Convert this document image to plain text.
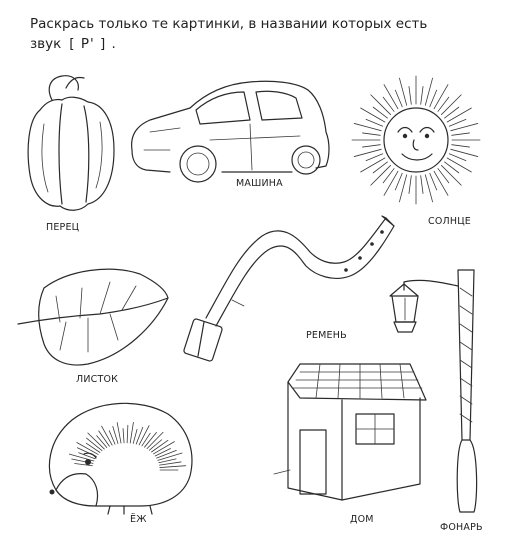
Раскрась только те картинки, в названии которых есть
звук [ Р' ] .
ПЕРЕЦ
МАШИНА
СОЛНЦЕ
ЛИСТОК
РЕМЕНЬ
ЁЖ	ДОМ
ФОНАРЬ
